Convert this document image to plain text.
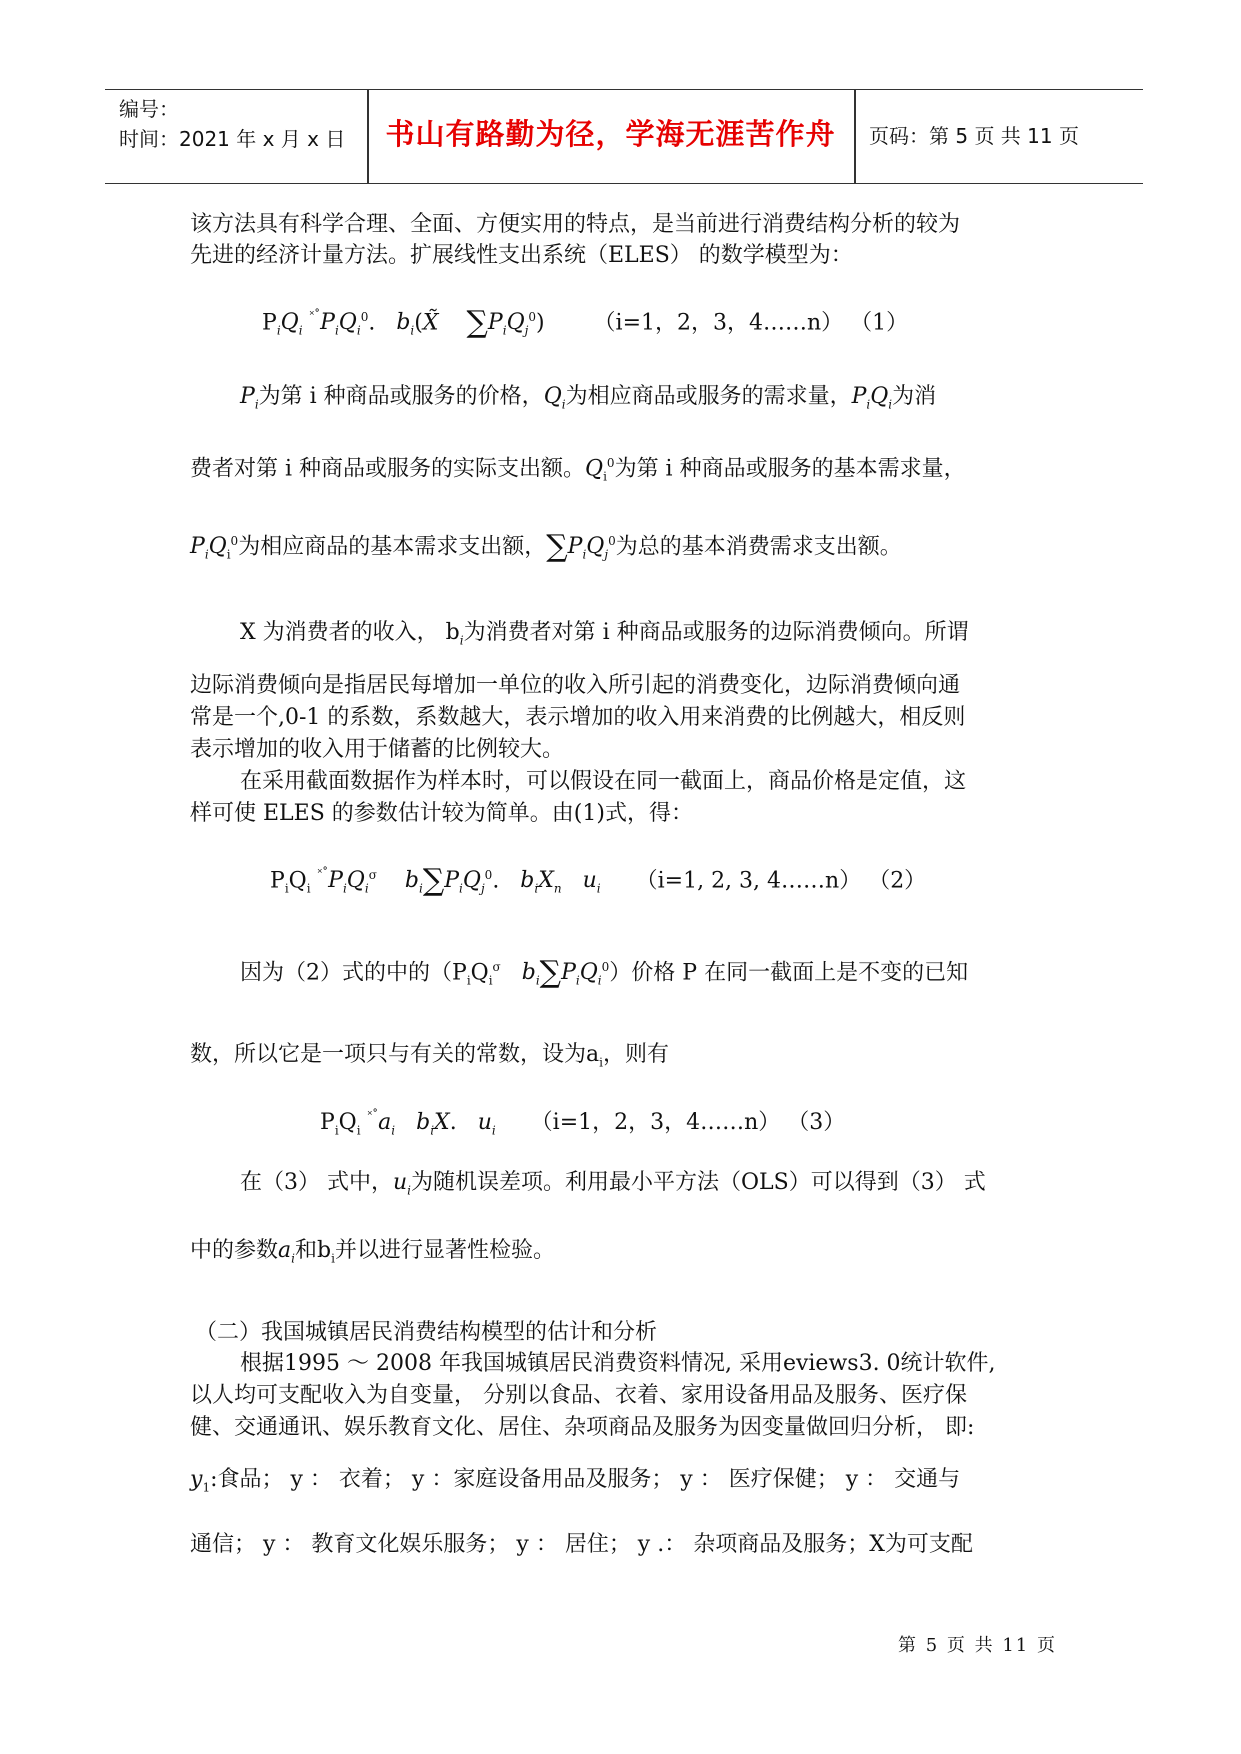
编号：
时间：2021 年 x 月 x 日	书山有路勤为径，学海无涯苦作舟	页码：第 5 页 共 11 页
该方法具有科学合理、全面、方便实用的特点，是当前进行消费结构分析的较为
先进的经济计量方法。扩展线性支出系统（ELES） 的数学模型为：
$P_iQ_i$ $^{˟˚}P_iQ_i^0$.   $b_i(X̃$ $\sum P_iQ_j^0$)       （i=1，2，3，4……n） （1）
$P_i$为第 i 种商品或服务的价格，$Q_i$为相应商品或服务的需求量，$P_iQ_i$为消
费者对第 i 种商品或服务的实际支出额。$Q_i^0$为第 i 种商品或服务的基本需求量，
$P_iQ_i^0$为相应商品的基本需求支出额，$\sum P_iQ_j^0$为总的基本消费需求支出额。
X 为消费者的收入， $b_i$为消费者对第 i 种商品或服务的边际消费倾向。所谓
边际消费倾向是指居民每增加一单位的收入所引起的消费变化，边际消费倾向通
常是一个,0-1 的系数，系数越大，表示增加的收入用来消费的比例越大，相反则
表示增加的收入用于储蓄的比例较大。
在采用截面数据作为样本时，可以假设在同一截面上，商品价格是定值，这
样可使 ELES 的参数估计较为简单。由(1)式，得：
$P_iQ_i$ $^{˟˚}P_iQ_i^\sigma$ $b_i\sum P_iQ_j^0$.   $b_iX_n$ $u_i$ （i=1, 2, 3, 4……n） （2）
因为（2）式的中的（$P_iQ_i^\sigma$ $b_i\sum P_iQ_i^0$）价格 P 在同一截面上是不变的已知
数，所以它是一项只与有关的常数，设为$a_i$，则有
$P_iQ_i$ $^{˟˚}a_i$ $b_iX$.   $u_i$ （i=1，2，3，4……n） （3）
在（3） 式中，$u_i$为随机误差项。利用最小平方法（OLS）可以得到（3） 式
中的参数$a_i$和$b_i$并以进行显著性检验。
（二）我国城镇居民消费结构模型的估计和分析
根据1995 ～ 2008 年我国城镇居民消费资料情况, 采用eviews3. 0统计软件,
以人均可支配收入为自变量， 分别以食品、衣着、家用设备用品及服务、医疗保
健、交通通讯、娱乐教育文化、居住、杂项商品及服务为因变量做回归分析， 即:
$y_1$:食品； y ： 衣着； y ：家庭设备用品及服务； y ： 医疗保健； y ： 交通与
通信； y ： 教育文化娱乐服务； y ： 居住； y .： 杂项商品及服务；X为可支配
第 5 页 共 11 页
